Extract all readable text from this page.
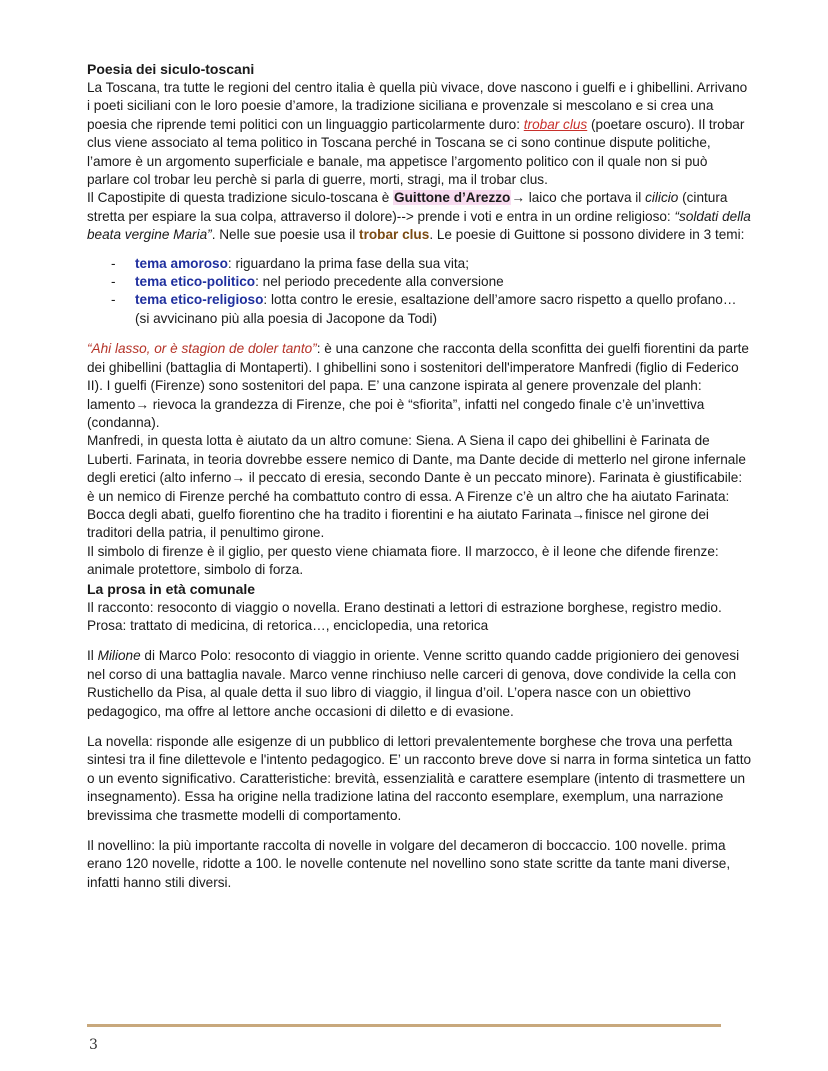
Poesia dei siculo-toscani

La Toscana, tra tutte le regioni del centro italia è quella più vivace, dove nascono i guelfi e i ghibellini. Arrivano i poeti siciliani con le loro poesie d’amore, la tradizione siciliana e provenzale si mescolano e si crea una poesia che riprende temi politici con un linguaggio particolarmente duro: trobar clus (poetare oscuro). Il trobar clus viene associato al tema politico in Toscana perché in Toscana se ci sono continue dispute politiche, l’amore è un argomento superficiale e banale, ma appetisce l’argomento politico con il quale non si può parlare col trobar leu perchè si parla di guerre, morti, stragi, ma il trobar clus.

Il Capostipite di questa tradizione siculo-toscana è Guittone d’Arezzo→ laico che portava il cilicio (cintura stretta per espiare la sua colpa, attraverso il dolore)--> prende i voti e entra in un ordine religioso: “soldati della beata vergine Maria”. Nelle sue poesie usa il trobar clus. Le poesie di Guittone si possono dividere in 3 temi:

- tema amoroso: riguardano la prima fase della sua vita;
- tema etico-politico: nel periodo precedente alla conversione
- tema etico-religioso: lotta contro le eresie, esaltazione dell’amore sacro rispetto a quello profano… (si avvicinano più alla poesia di Jacopone da Todi)

“Ahi lasso, or è stagion de doler tanto”: è una canzone che racconta della sconfitta dei guelfi fiorentini da parte dei ghibellini (battaglia di Montaperti). I ghibellini sono i sostenitori dell'imperatore Manfredi (figlio di Federico II). I guelfi (Firenze) sono sostenitori del papa. E’ una canzone ispirata al genere provenzale del planh: lamento→ rievoca la grandezza di Firenze, che poi è “sfiorita”, infatti nel congedo finale c’è un’invettiva (condanna).

Manfredi, in questa lotta è aiutato da un altro comune: Siena. A Siena il capo dei ghibellini è Farinata de Luberti. Farinata, in teoria dovrebbe essere nemico di Dante, ma Dante decide di metterlo nel girone infernale degli eretici (alto inferno→ il peccato di eresia, secondo Dante è un peccato minore). Farinata è giustificabile: è un nemico di Firenze perché ha combattuto contro di essa. A Firenze c’è un altro che ha aiutato Farinata: Bocca degli abati, guelfo fiorentino che ha tradito i fiorentini e ha aiutato Farinata→finisce nel girone dei traditori della patria, il penultimo girone.

Il simbolo di firenze è il giglio, per questo viene chiamata fiore. Il marzocco, è il leone che difende firenze: animale protettore, simbolo di forza.

La prosa in età comunale

Il racconto: resoconto di viaggio o novella. Erano destinati a lettori di estrazione borghese, registro medio. Prosa: trattato di medicina, di retorica…, enciclopedia, una retorica

Il Milione di Marco Polo: resoconto di viaggio in oriente. Venne scritto quando cadde prigioniero dei genovesi nel corso di una battaglia navale. Marco venne rinchiuso nelle carceri di genova, dove condivide la cella con Rustichello da Pisa, al quale detta il suo libro di viaggio, il lingua d’oil. L’opera nasce con un obiettivo pedagogico, ma offre al lettore anche occasioni di diletto e di evasione.

La novella: risponde alle esigenze di un pubblico di lettori prevalentemente borghese che trova una perfetta sintesi tra il fine dilettevole e l'intento pedagogico. E’ un racconto breve dove si narra in forma sintetica un fatto o un evento significativo. Caratteristiche: brevità, essenzialità e carattere esemplare (intento di trasmettere un insegnamento). Essa ha origine nella tradizione latina del racconto esemplare, exemplum, una narrazione brevissima che trasmette modelli di comportamento.

Il novellino: la più importante raccolta di novelle in volgare del decameron di boccaccio. 100 novelle. prima erano 120 novelle, ridotte a 100. le novelle contenute nel novellino sono state scritte da tante mani diverse, infatti hanno stili diversi.

3
